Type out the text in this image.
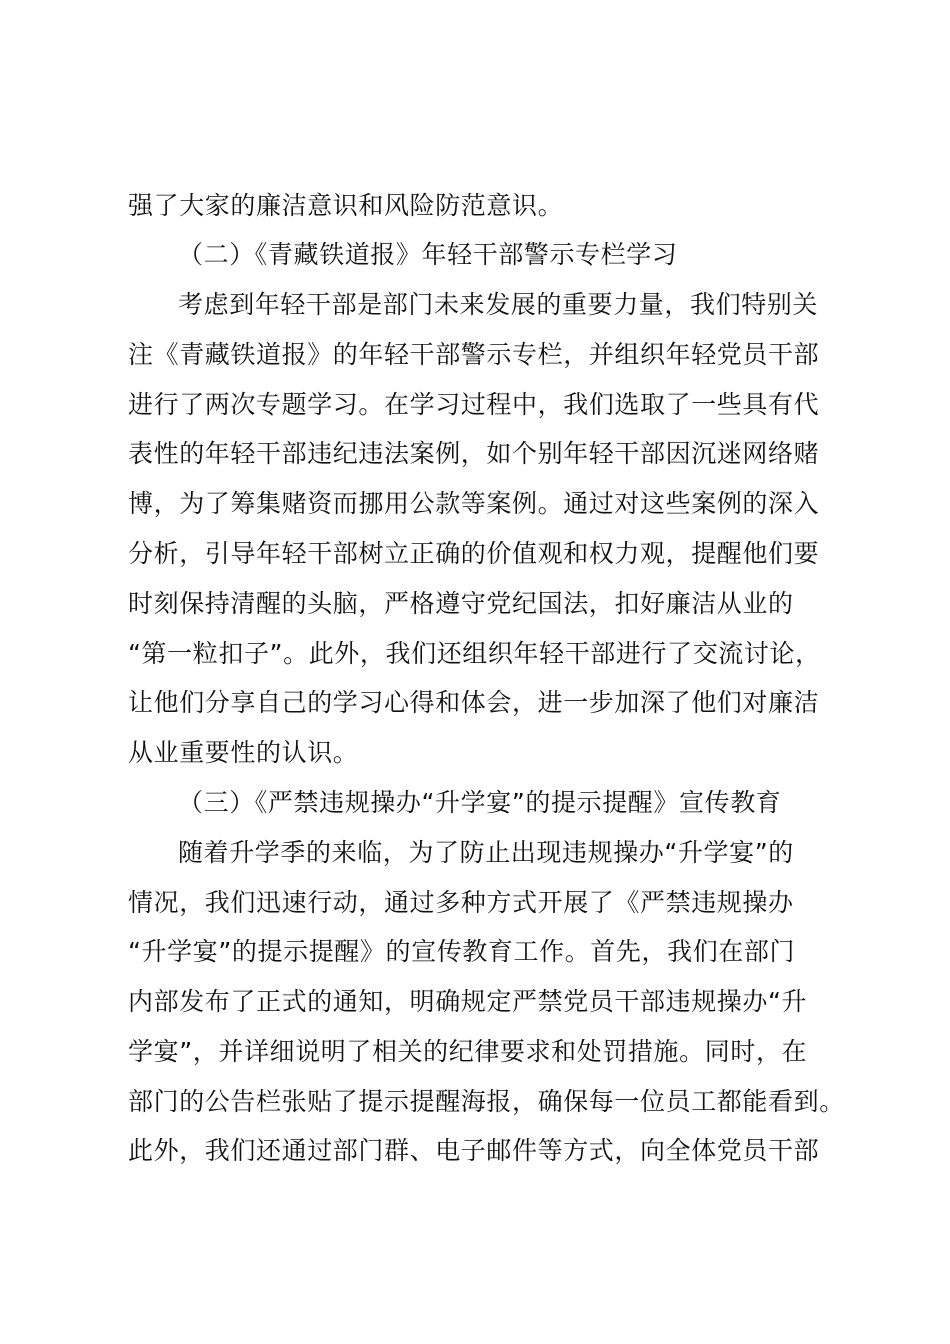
强了大家的廉洁意识和风险防范意识。
（二）《青藏铁道报》年轻干部警示专栏学习
考虑到年轻干部是部门未来发展的重要力量，我们特别关
注《青藏铁道报》的年轻干部警示专栏，并组织年轻党员干部
进行了两次专题学习。在学习过程中，我们选取了一些具有代
表性的年轻干部违纪违法案例，如个别年轻干部因沉迷网络赌
博，为了筹集赌资而挪用公款等案例。通过对这些案例的深入
分析，引导年轻干部树立正确的价值观和权力观，提醒他们要
时刻保持清醒的头脑，严格遵守党纪国法，扣好廉洁从业的
“第一粒扣子”。此外，我们还组织年轻干部进行了交流讨论，
让他们分享自己的学习心得和体会，进一步加深了他们对廉洁
从业重要性的认识。
（三）《严禁违规操办“升学宴”的提示提醒》宣传教育
随着升学季的来临，为了防止出现违规操办“升学宴”的
情况，我们迅速行动，通过多种方式开展了《严禁违规操办
“升学宴”的提示提醒》的宣传教育工作。首先，我们在部门
内部发布了正式的通知，明确规定严禁党员干部违规操办“升
学宴”，并详细说明了相关的纪律要求和处罚措施。同时，在
部门的公告栏张贴了提示提醒海报，确保每一位员工都能看到。
此外，我们还通过部门群、电子邮件等方式，向全体党员干部
